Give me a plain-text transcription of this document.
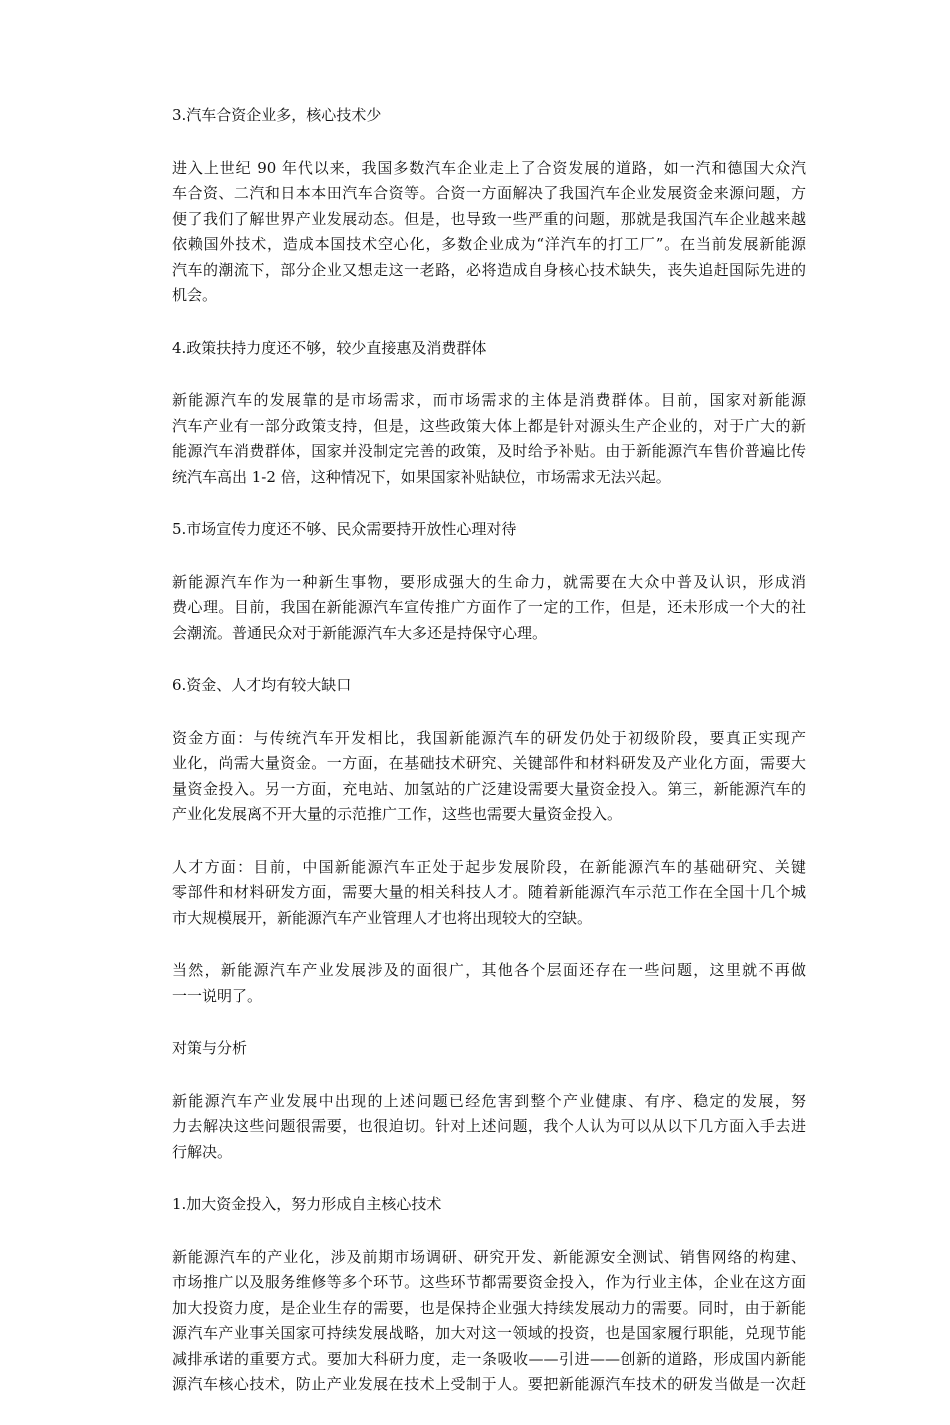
3.汽车合资企业多，核心技术少
进入上世纪 90 年代以来，我国多数汽车企业走上了合资发展的道路，如一汽和德国大众汽
车合资、二汽和日本本田汽车合资等。合资一方面解决了我国汽车企业发展资金来源问题，方
便了我们了解世界产业发展动态。但是，也导致一些严重的问题，那就是我国汽车企业越来越
依赖国外技术，造成本国技术空心化，多数企业成为“洋汽车的打工厂”。在当前发展新能源
汽车的潮流下，部分企业又想走这一老路，必将造成自身核心技术缺失，丧失追赶国际先进的
机会。
4.政策扶持力度还不够，较少直接惠及消费群体
新能源汽车的发展靠的是市场需求，而市场需求的主体是消费群体。目前，国家对新能源
汽车产业有一部分政策支持，但是，这些政策大体上都是针对源头生产企业的，对于广大的新
能源汽车消费群体，国家并没制定完善的政策，及时给予补贴。由于新能源汽车售价普遍比传
统汽车高出 1-2 倍，这种情况下，如果国家补贴缺位，市场需求无法兴起。
5.市场宣传力度还不够、民众需要持开放性心理对待
新能源汽车作为一种新生事物，要形成强大的生命力，就需要在大众中普及认识，形成消
费心理。目前，我国在新能源汽车宣传推广方面作了一定的工作，但是，还未形成一个大的社
会潮流。普通民众对于新能源汽车大多还是持保守心理。
6.资金、人才均有较大缺口
资金方面：与传统汽车开发相比，我国新能源汽车的研发仍处于初级阶段，要真正实现产
业化，尚需大量资金。一方面，在基础技术研究、关键部件和材料研发及产业化方面，需要大
量资金投入。另一方面，充电站、加氢站的广泛建设需要大量资金投入。第三，新能源汽车的
产业化发展离不开大量的示范推广工作，这些也需要大量资金投入。
人才方面：目前，中国新能源汽车正处于起步发展阶段，在新能源汽车的基础研究、关键
零部件和材料研发方面，需要大量的相关科技人才。随着新能源汽车示范工作在全国十几个城
市大规模展开，新能源汽车产业管理人才也将出现较大的空缺。
当然，新能源汽车产业发展涉及的面很广，其他各个层面还存在一些问题，这里就不再做
一一说明了。
对策与分析
新能源汽车产业发展中出现的上述问题已经危害到整个产业健康、有序、稳定的发展，努
力去解决这些问题很需要，也很迫切。针对上述问题，我个人认为可以从以下几方面入手去进
行解决。
1.加大资金投入，努力形成自主核心技术
新能源汽车的产业化，涉及前期市场调研、研究开发、新能源安全测试、销售网络的构建、
市场推广以及服务维修等多个环节。这些环节都需要资金投入，作为行业主体，企业在这方面
加大投资力度，是企业生存的需要，也是保持企业强大持续发展动力的需要。同时，由于新能
源汽车产业事关国家可持续发展战略，加大对这一领域的投资，也是国家履行职能，兑现节能
减排承诺的重要方式。要加大科研力度，走一条吸收——引进——创新的道路，形成国内新能
源汽车核心技术，防止产业发展在技术上受制于人。要把新能源汽车技术的研发当做是一次赶
